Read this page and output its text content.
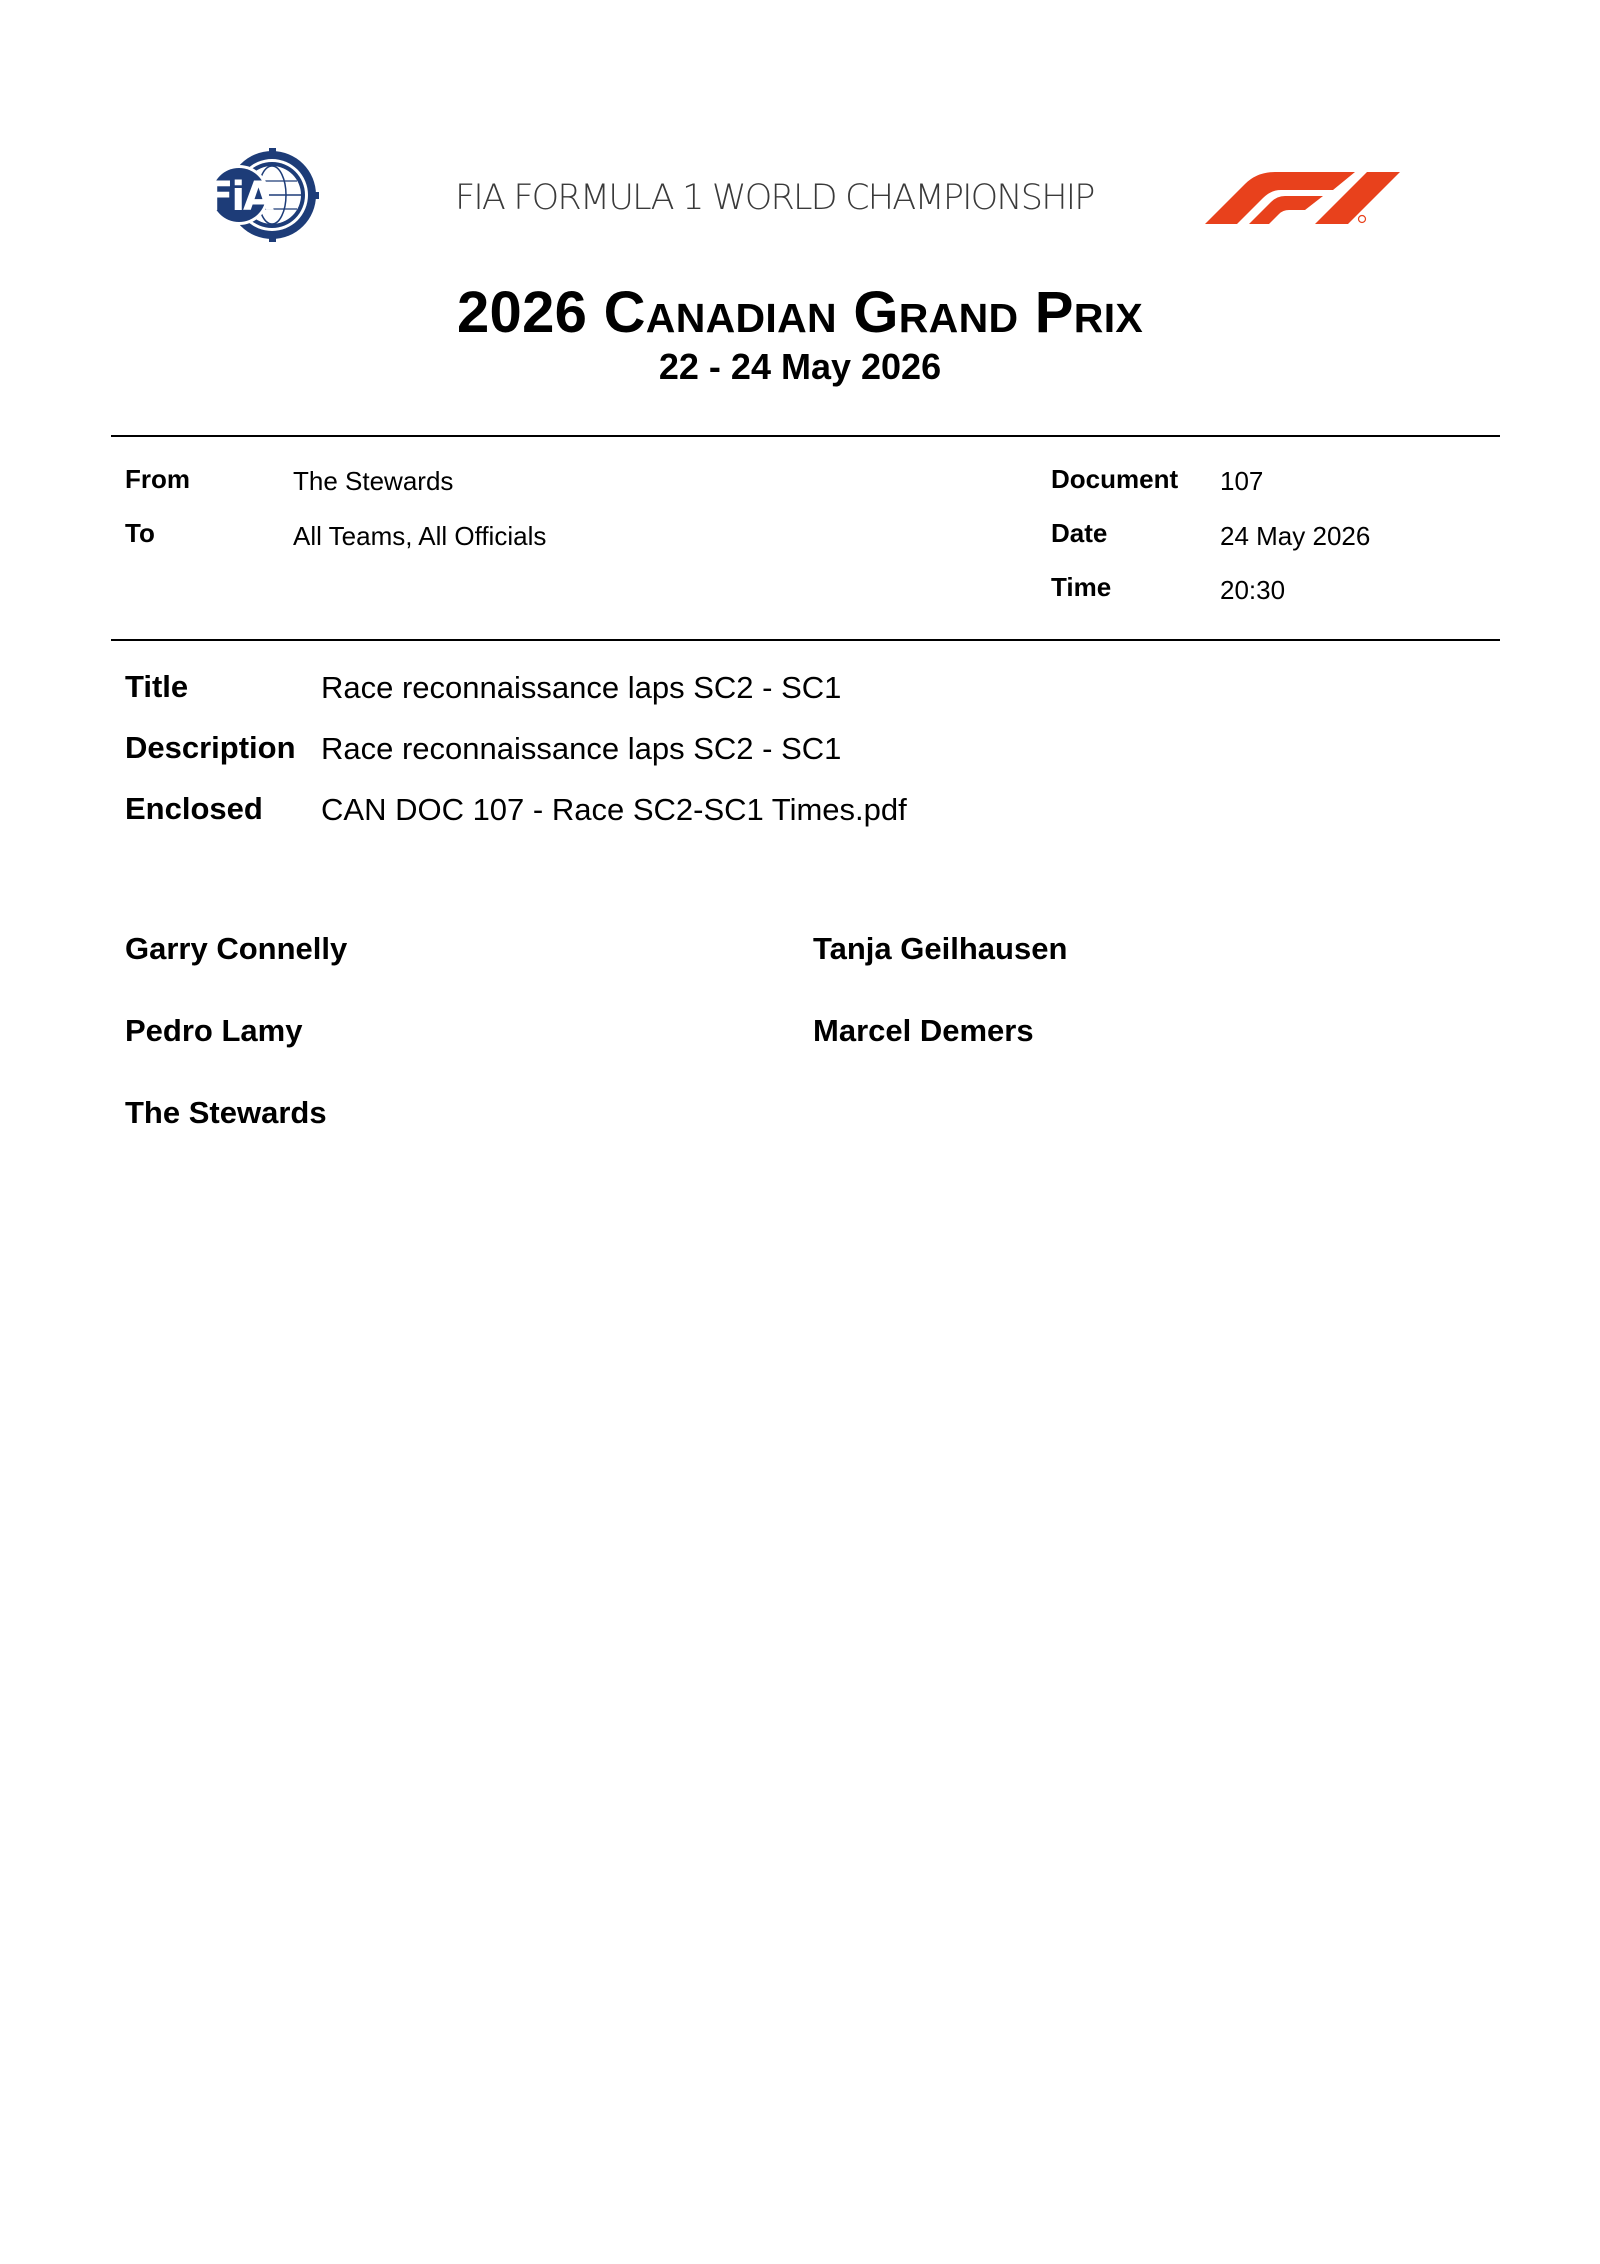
FiA	FIA FORMULA 1 WORLD CHAMPIONSHIP
2026 Canadian Grand Prix
22 - 24 May 2026
From	The Stewards
To	All Teams, All Officials
Document 107
Date	24 May 2026
Time	20:30
Title	Race reconnaissance laps SC2 - SC1
Description Race reconnaissance laps SC2 - SC1
Enclosed CAN DOC 107 - Race SC2-SC1 Times.pdf
Garry Connelly
Pedro Lamy
The Stewards
Tanja Geilhausen
Marcel Demers
